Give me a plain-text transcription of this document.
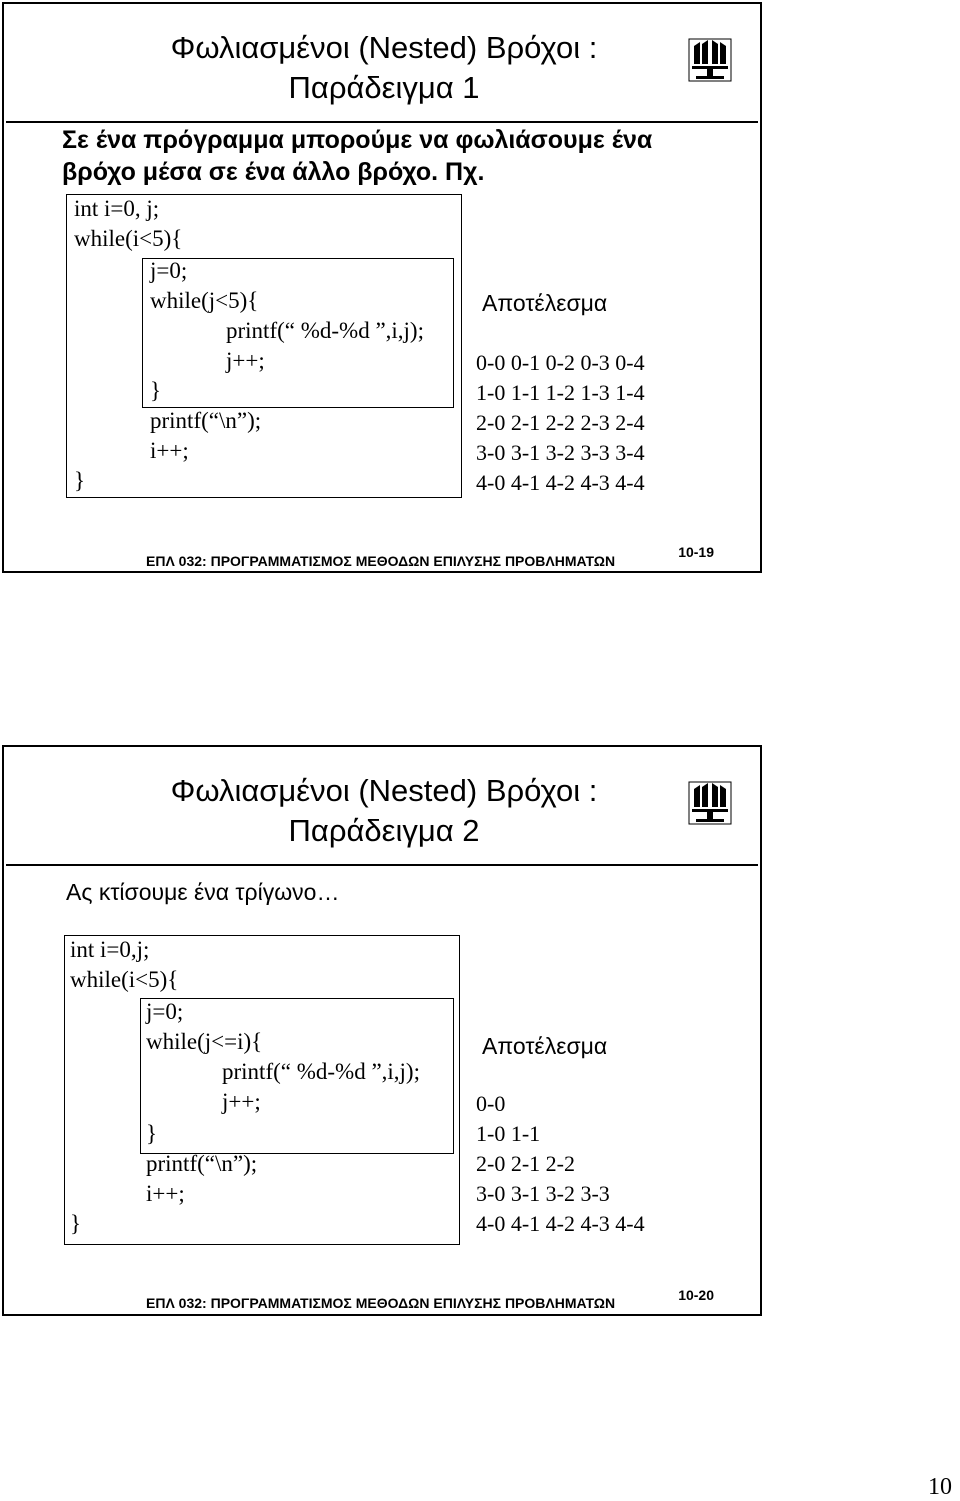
Φωλιασμένοι (Nested) Βρόχοι :
Παράδειγμα 1
Σε ένα πρόγραμμα μπορούμε να φωλιάσουμε ένα
βρόχο μέσα σε ένα άλλο βρόχο. Πχ.
int i=0, j;
while(i<5){
j=0;
while(j<5){
printf(“ %d-%d ”,i,j);
j++;
}
printf(“\n”);
i++;
}
Αποτέλεσμα
0-0 0-1 0-2 0-3 0-4
1-0 1-1 1-2 1-3 1-4
2-0 2-1 2-2 2-3 2-4
3-0 3-1 3-2 3-3 3-4
4-0 4-1 4-2 4-3 4-4
ΕΠΛ 032: ΠΡΟΓΡΑΜΜΑΤΙΣΜΟΣ ΜΕΘΟΔΩΝ ΕΠΙΛΥΣΗΣ ΠΡΟΒΛΗΜΑΤΩΝ
10-19
Φωλιασμένοι (Nested) Βρόχοι :
Παράδειγμα 2
Ας κτίσουμε ένα τρίγωνο…
int i=0,j;
while(i<5){
j=0;
while(j<=i){
printf(“ %d-%d ”,i,j);
j++;
}
printf(“\n”);
i++;
}
Αποτέλεσμα
0-0
1-0 1-1
2-0 2-1 2-2
3-0 3-1 3-2 3-3
4-0 4-1 4-2 4-3 4-4
ΕΠΛ 032: ΠΡΟΓΡΑΜΜΑΤΙΣΜΟΣ ΜΕΘΟΔΩΝ ΕΠΙΛΥΣΗΣ ΠΡΟΒΛΗΜΑΤΩΝ	10-20
10
